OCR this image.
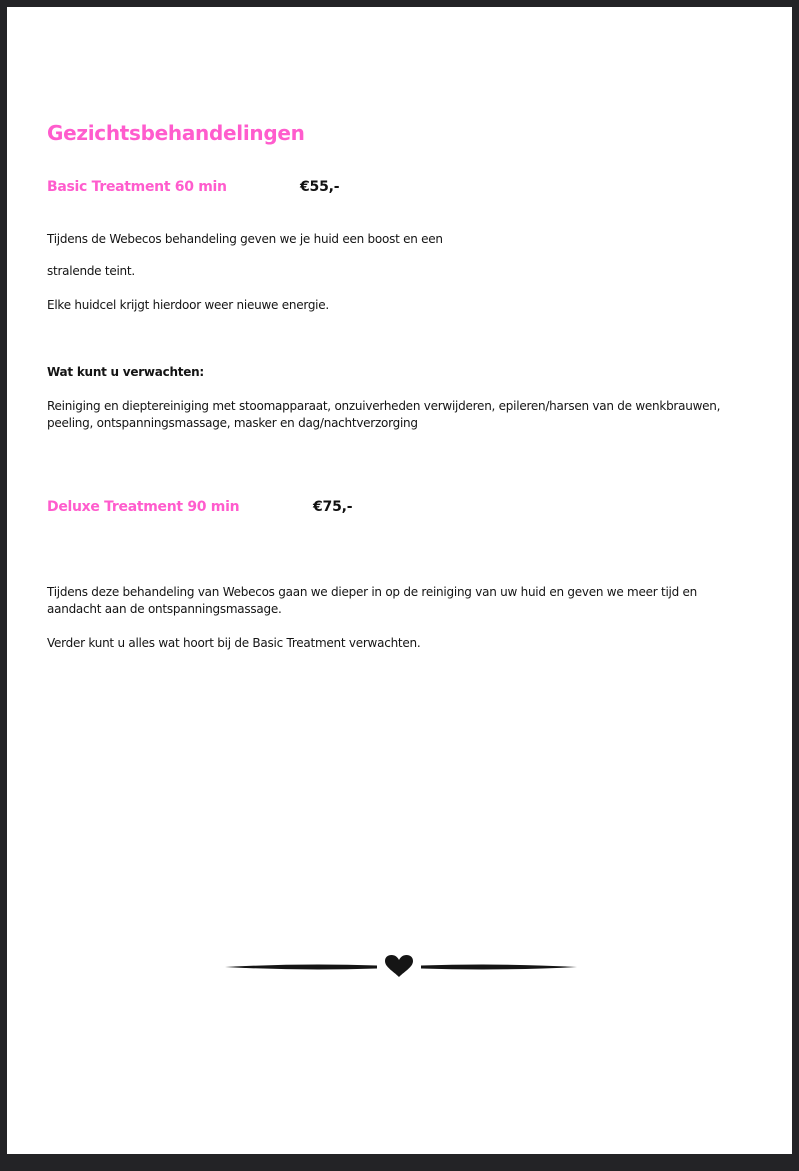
Gezichtsbehandelingen
Basic Treatment 60 min	€55,-

Tijdens de Webecos behandeling geven we je huid een boost en een

stralende teint.

Elke huidcel krijgt hierdoor weer nieuwe energie.

Wat kunt u verwachten:

Reiniging en dieptereiniging met stoomapparaat, onzuiverheden verwijderen, epileren/harsen van de wenkbrauwen, peeling, ontspanningsmassage, masker en dag/nachtverzorging

Deluxe Treatment 90 min	€75,-

Tijdens deze behandeling van Webecos gaan we dieper in op de reiniging van uw huid en geven we meer tijd en aandacht aan de ontspanningsmassage.

Verder kunt u alles wat hoort bij de Basic Treatment verwachten.
